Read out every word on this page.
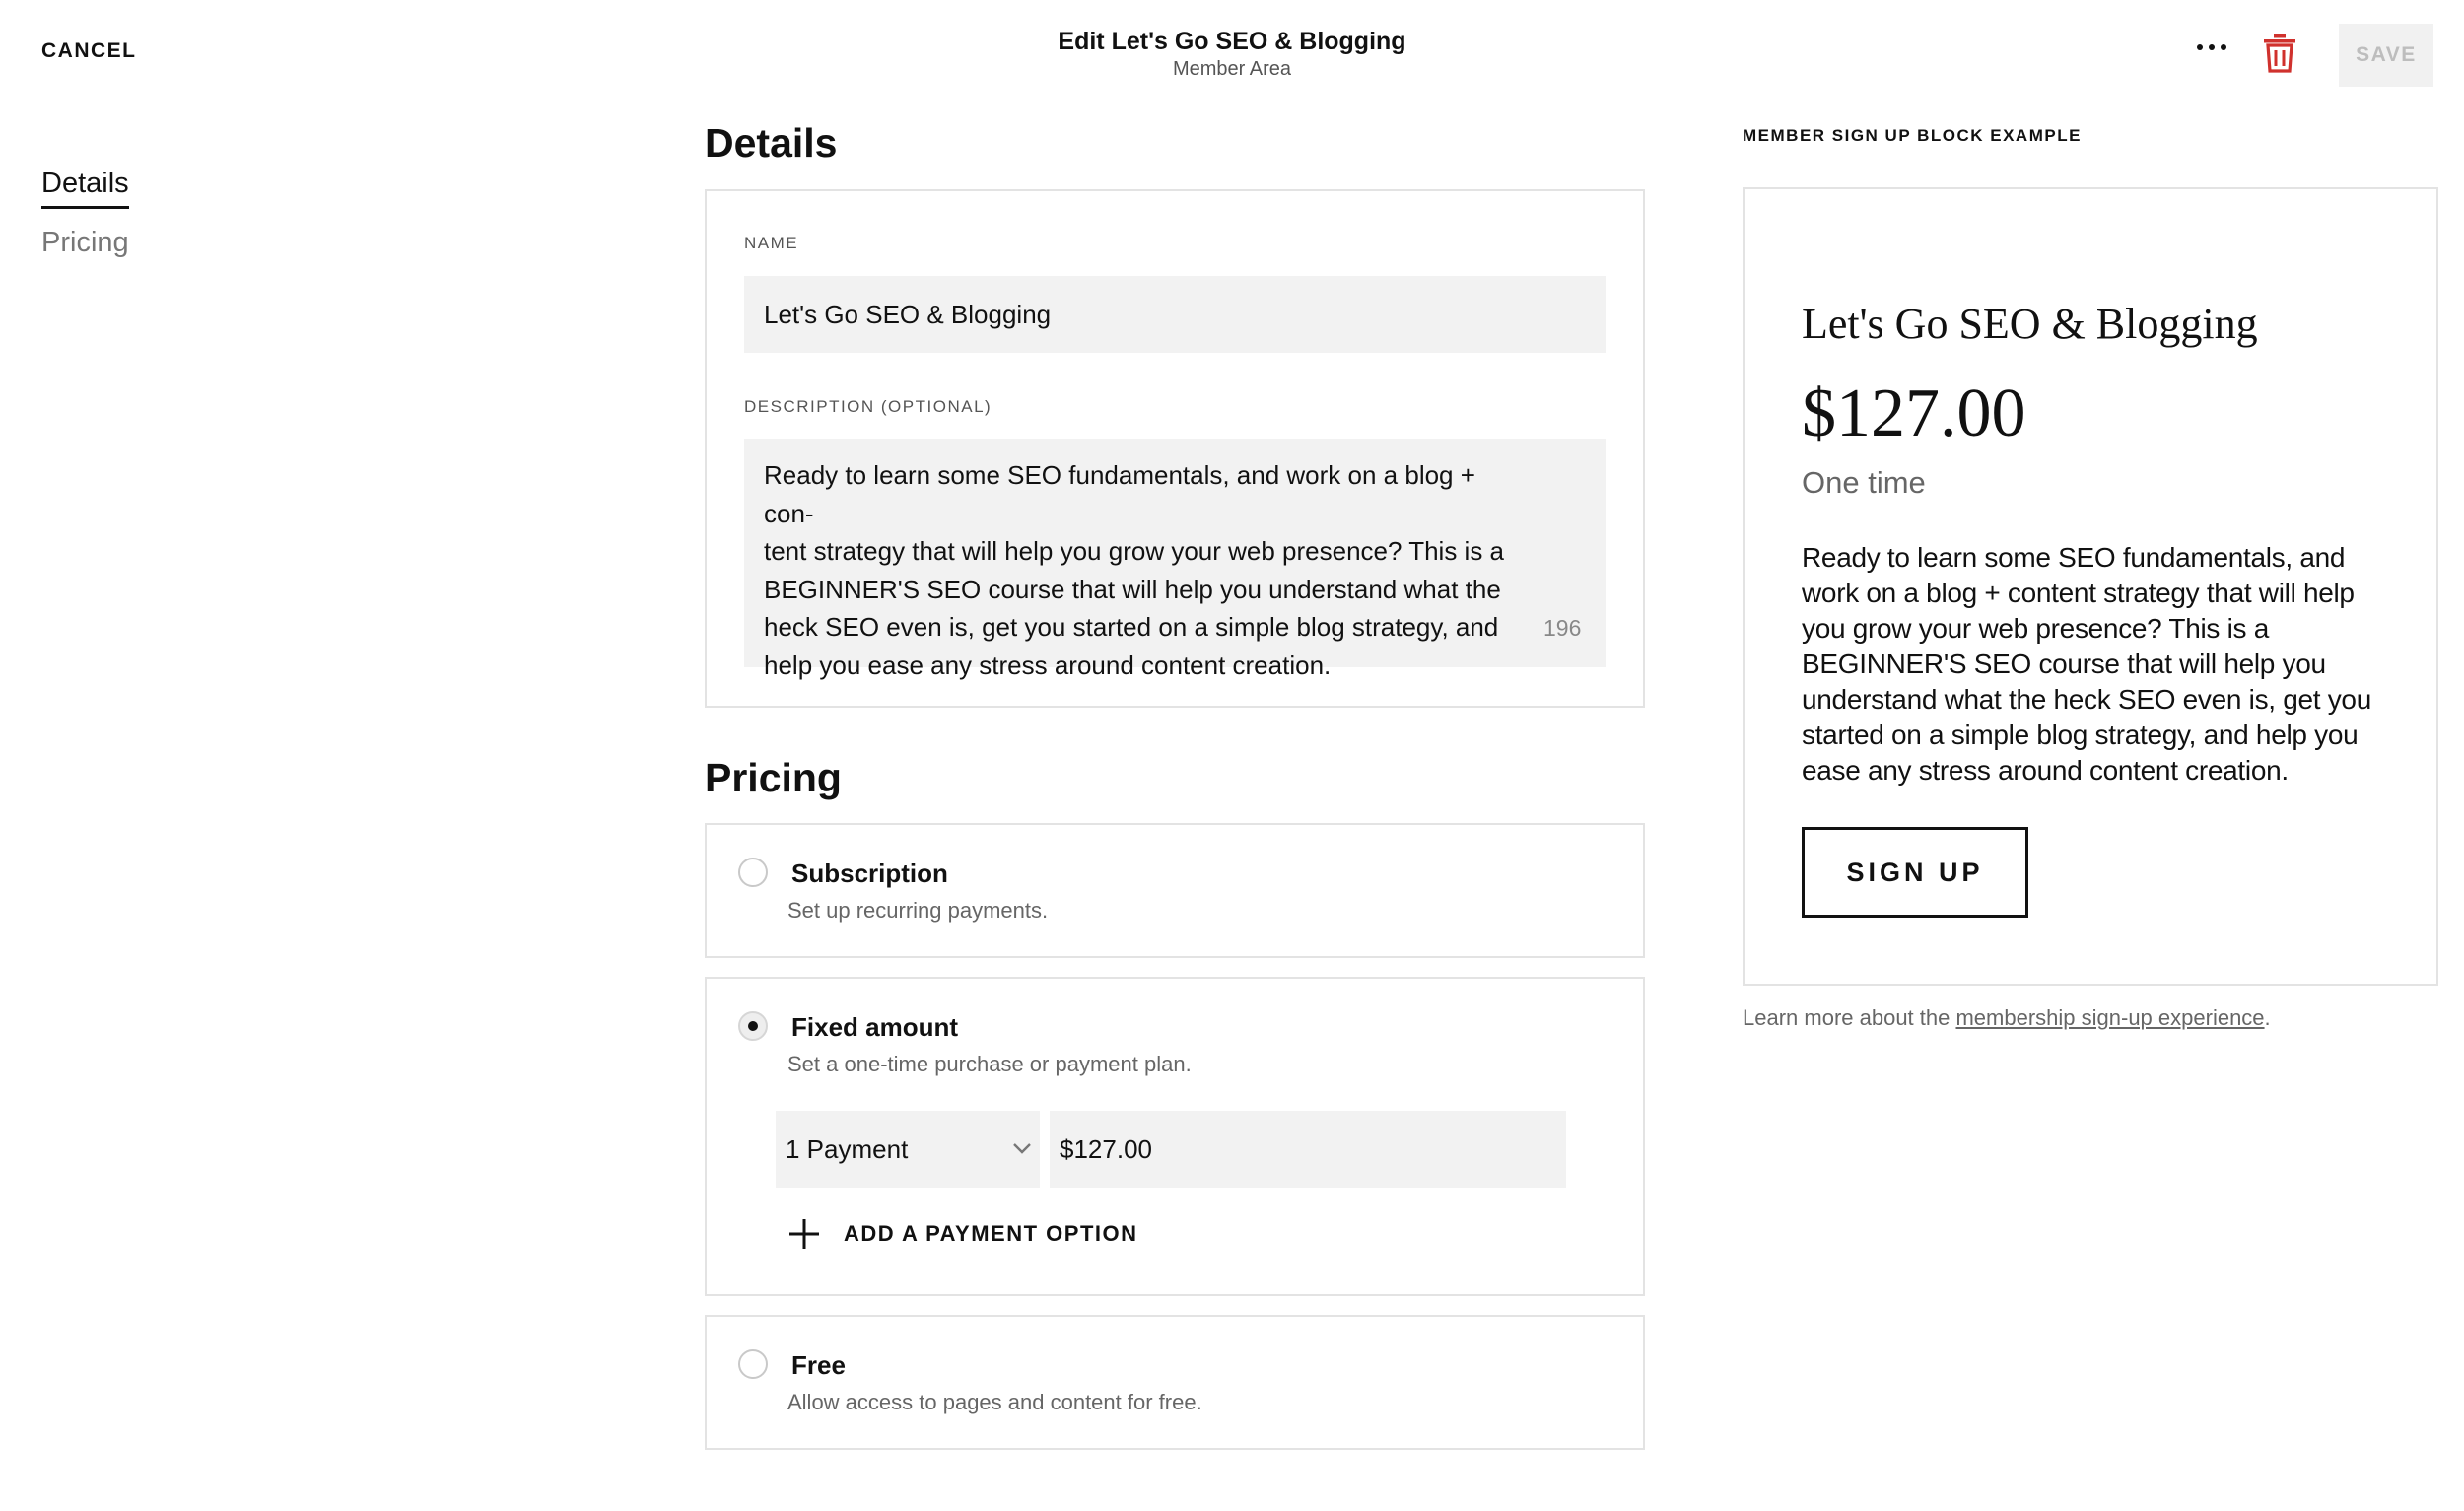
CANCEL	Edit Let's Go SEO & Blogging
Member Area
SAVE
Details
Pricing
Details
NAME
Let's Go SEO & Blogging
DESCRIPTION (OPTIONAL)
Ready to learn some SEO fundamentals, and work on a blog + con-
tent strategy that will help you grow your web presence? This is a
BEGINNER'S SEO course that will help you understand what the
heck SEO even is, get you started on a simple blog strategy, and
help you ease any stress around content creation.
196
Pricing
Subscription
Set up recurring payments.
Fixed amount
Set a one-time purchase or payment plan.
1 Payment	$127.00
ADD A PAYMENT OPTION
Free
Allow access to pages and content for free.
MEMBER SIGN UP BLOCK EXAMPLE
Let's Go SEO & Blogging
$127.00
One time
Ready to learn some SEO fundamentals, and work on a blog + content strategy that will help you grow your web presence? This is a BEGINNER'S SEO course that will help you understand what the heck SEO even is, get you started on a simple blog strategy, and help you ease any stress around content creation.
SIGN UP
Learn more about the membership sign-up experience.
